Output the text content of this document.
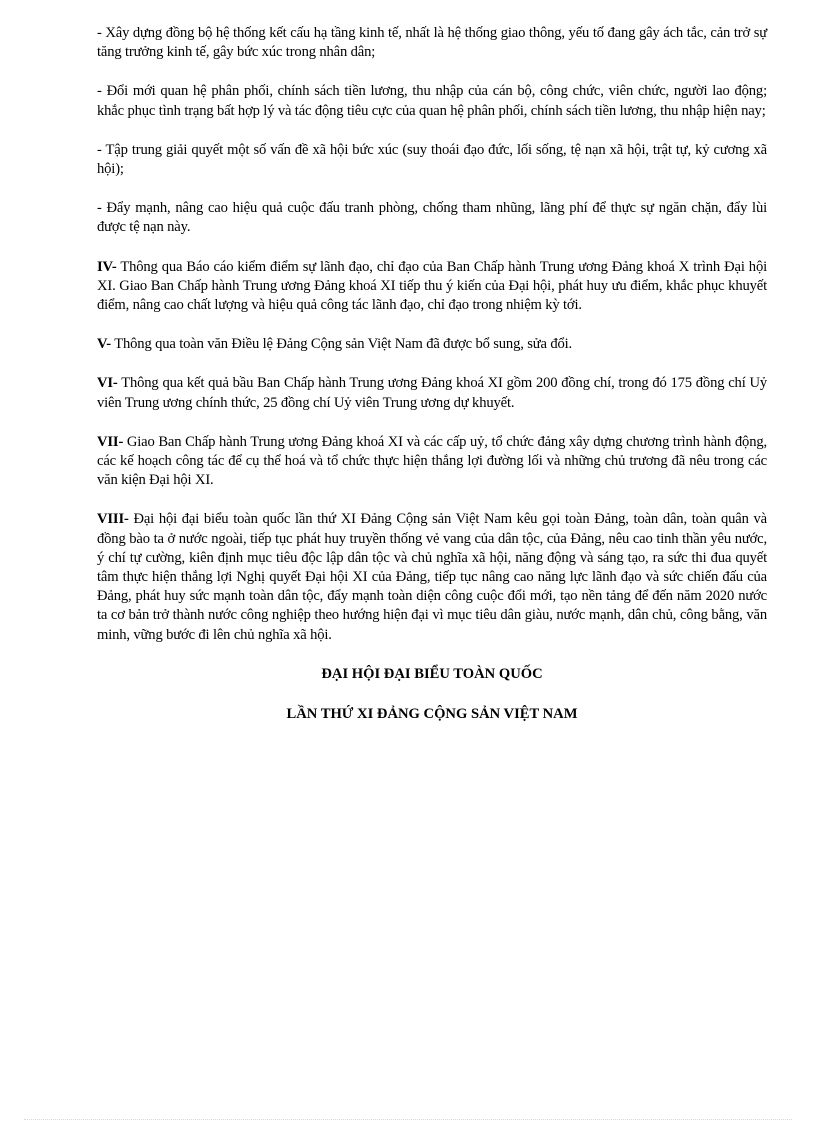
- Xây dựng đồng bộ hệ thống kết cấu hạ tầng kinh tế, nhất là hệ thống giao thông, yếu tố đang gây ách tắc, cản trở sự tăng trưởng kinh tế, gây bức xúc trong nhân dân;

- Đổi mới quan hệ phân phối, chính sách tiền lương, thu nhập của cán bộ, công chức, viên chức, người lao động; khắc phục tình trạng bất hợp lý và tác động tiêu cực của quan hệ phân phối, chính sách tiền lương, thu nhập hiện nay;

- Tập trung giải quyết một số vấn đề xã hội bức xúc (suy thoái đạo đức, lối sống, tệ nạn xã hội, trật tự, kỷ cương xã hội);

- Đẩy mạnh, nâng cao hiệu quả cuộc đấu tranh phòng, chống tham nhũng, lãng phí để thực sự ngăn chặn, đẩy lùi được tệ nạn này.

IV- Thông qua Báo cáo kiểm điểm sự lãnh đạo, chỉ đạo của Ban Chấp hành Trung ương Đảng khoá X trình Đại hội XI. Giao Ban Chấp hành Trung ương Đảng khoá XI tiếp thu ý kiến của Đại hội, phát huy ưu điểm, khắc phục khuyết điểm, nâng cao chất lượng và hiệu quả công tác lãnh đạo, chỉ đạo trong nhiệm kỳ tới.

V- Thông qua toàn văn Điều lệ Đảng Cộng sản Việt Nam đã được bổ sung, sửa đổi.

VI- Thông qua kết quả bầu Ban Chấp hành Trung ương Đảng khoá XI gồm 200 đồng chí, trong đó 175 đồng chí Uỷ viên Trung ương chính thức, 25 đồng chí Uỷ viên Trung ương dự khuyết.

VII- Giao Ban Chấp hành Trung ương Đảng khoá XI và các cấp uỷ, tổ chức đảng xây dựng chương trình hành động, các kế hoạch công tác để cụ thể hoá và tổ chức thực hiện thắng lợi đường lối và những chủ trương đã nêu trong các văn kiện Đại hội XI.

VIII- Đại hội đại biểu toàn quốc lần thứ XI Đảng Cộng sản Việt Nam kêu gọi toàn Đảng, toàn dân, toàn quân và đồng bào ta ở nước ngoài, tiếp tục phát huy truyền thống vẻ vang của dân tộc, của Đảng, nêu cao tinh thần yêu nước, ý chí tự cường, kiên định mục tiêu độc lập dân tộc và chủ nghĩa xã hội, năng động và sáng tạo, ra sức thi đua quyết tâm thực hiện thắng lợi Nghị quyết Đại hội XI của Đảng, tiếp tục nâng cao năng lực lãnh đạo và sức chiến đấu của Đảng, phát huy sức mạnh toàn dân tộc, đẩy mạnh toàn diện công cuộc đổi mới, tạo nền tảng để đến năm 2020 nước ta cơ bản trở thành nước công nghiệp theo hướng hiện đại vì mục tiêu dân giàu, nước mạnh, dân chủ, công bằng, văn minh, vững bước đi lên chủ nghĩa xã hội.

ĐẠI HỘI ĐẠI BIỂU TOÀN QUỐC
LẦN THỨ XI ĐẢNG CỘNG SẢN VIỆT NAM
